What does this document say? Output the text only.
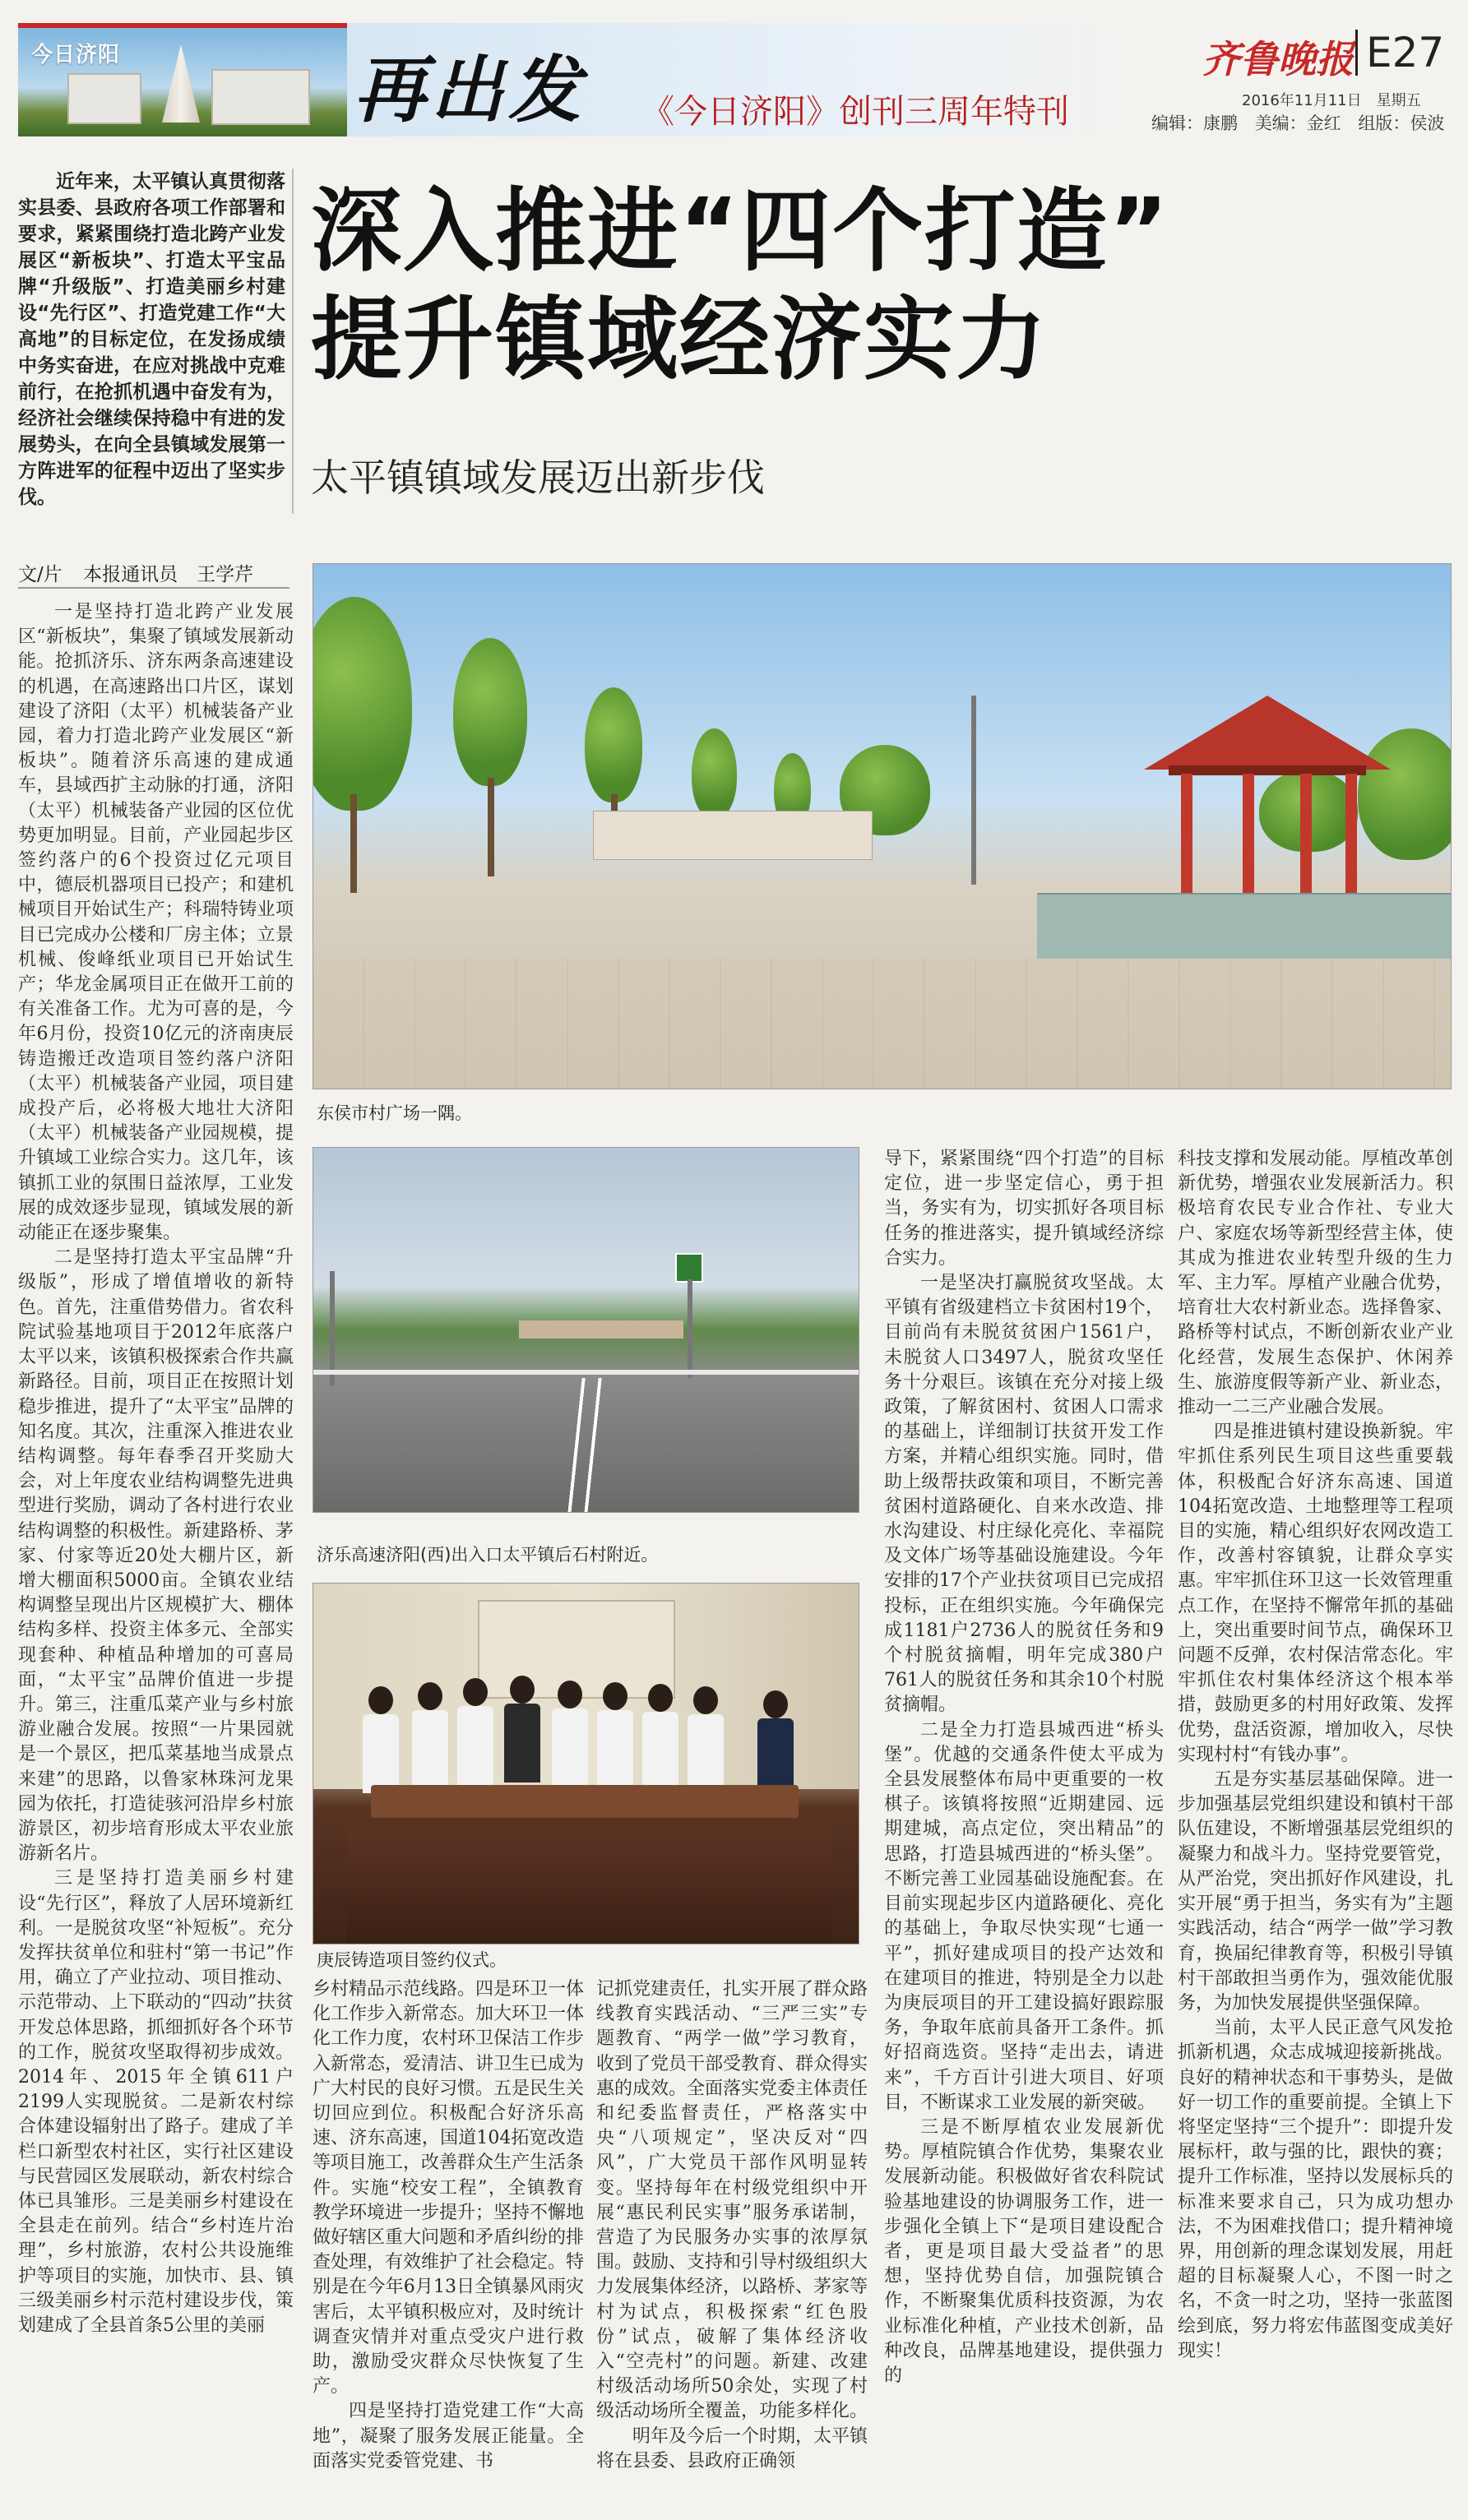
今日济阳	再出发 《今日济阳》创刊三周年特刊
齐鲁晚报 E27
2016年11月11日　星期五
编辑：康鹏 美编：金红 组版：侯波
近年来，太平镇认真贯彻落实县委、县政府各项工作部署和要求，紧紧围绕打造北跨产业发展区“新板块”、打造太平宝品牌“升级版”、打造美丽乡村建设“先行区”、打造党建工作“大高地”的目标定位，在发扬成绩中务实奋进，在应对挑战中克难前行，在抢抓机遇中奋发有为，经济社会继续保持稳中有进的发展势头，在向全县镇域发展第一方阵进军的征程中迈出了坚实步伐。
深入推进“四个打造”
提升镇域经济实力
太平镇镇域发展迈出新步伐
文/片 本报通讯员　王学芹
东侯市村广场一隅。
济乐高速济阳(西)出入口太平镇后石村附近。
庚辰铸造项目签约仪式。

一是坚持打造北跨产业发展区“新板块”，集聚了镇域发展新动能。抢抓济乐、济东两条高速建设的机遇，在高速路出口片区，谋划建设了济阳（太平）机械装备产业园，着力打造北跨产业发展区“新板块”。随着济乐高速的建成通车，县域西扩主动脉的打通，济阳（太平）机械装备产业园的区位优势更加明显。目前，产业园起步区签约落户的6个投资过亿元项目中，德辰机器项目已投产；和建机械项目开始试生产；科瑞特铸业项目已完成办公楼和厂房主体；立景机械、俊峰纸业项目已开始试生产；华龙金属项目正在做开工前的有关准备工作。尤为可喜的是，今年6月份，投资10亿元的济南庚辰铸造搬迁改造项目签约落户济阳（太平）机械装备产业园，项目建成投产后，必将极大地壮大济阳（太平）机械装备产业园规模，提升镇域工业综合实力。这几年，该镇抓工业的氛围日益浓厚，工业发展的成效逐步显现，镇域发展的新动能正在逐步聚集。

二是坚持打造太平宝品牌“升级版”，形成了增值增收的新特色。首先，注重借势借力。省农科院试验基地项目于2012年底落户太平以来，该镇积极探索合作共赢新路径。目前，项目正在按照计划稳步推进，提升了“太平宝”品牌的知名度。其次，注重深入推进农业结构调整。每年春季召开奖励大会，对上年度农业结构调整先进典型进行奖励，调动了各村进行农业结构调整的积极性。新建路桥、茅家、付家等近20处大棚片区，新增大棚面积5000亩。全镇农业结构调整呈现出片区规模扩大、棚体结构多样、投资主体多元、全部实现套种、种植品种增加的可喜局面，“太平宝”品牌价值进一步提升。第三，注重瓜菜产业与乡村旅游业融合发展。按照“一片果园就是一个景区，把瓜菜基地当成景点来建”的思路，以鲁家林珠河龙果园为依托，打造徒骇河沿岸乡村旅游景区，初步培育形成太平农业旅游新名片。

三是坚持打造美丽乡村建设“先行区”，释放了人居环境新红利。一是脱贫攻坚“补短板”。充分发挥扶贫单位和驻村“第一书记”作用，确立了产业拉动、项目推动、示范带动、上下联动的“四动”扶贫开发总体思路，抓细抓好各个环节的工作，脱贫攻坚取得初步成效。2014年、2015年全镇611户2199人实现脱贫。二是新农村综合体建设辐射出了路子。建成了羊栏口新型农村社区，实行社区建设与民营园区发展联动，新农村综合体已具雏形。三是美丽乡村建设在全县走在前列。结合“乡村连片治理”，乡村旅游，农村公共设施维护等项目的实施，加快市、县、镇三级美丽乡村示范村建设步伐，策划建成了全县首条5公里的美丽

乡村精品示范线路。四是环卫一体化工作步入新常态。加大环卫一体化工作力度，农村环卫保洁工作步入新常态，爱清洁、讲卫生已成为广大村民的良好习惯。五是民生关切回应到位。积极配合好济乐高速、济东高速，国道104拓宽改造等项目施工，改善群众生产生活条件。实施“校安工程”，全镇教育教学环境进一步提升；坚持不懈地做好辖区重大问题和矛盾纠纷的排查处理，有效维护了社会稳定。特别是在今年6月13日全镇暴风雨灾害后，太平镇积极应对，及时统计调查灾情并对重点受灾户进行救助，激励受灾群众尽快恢复了生产。

四是坚持打造党建工作“大高地”，凝聚了服务发展正能量。全面落实党委管党建、书

记抓党建责任，扎实开展了群众路线教育实践活动、“三严三实”专题教育、“两学一做”学习教育，收到了党员干部受教育、群众得实惠的成效。全面落实党委主体责任和纪委监督责任，严格落实中央“八项规定”，坚决反对“四风”，广大党员干部作风明显转变。坚持每年在村级党组织中开展“惠民利民实事”服务承诺制，营造了为民服务办实事的浓厚氛围。鼓励、支持和引导村级组织大力发展集体经济，以路桥、茅家等村为试点，积极探索“红色股份”试点，破解了集体经济收入“空壳村”的问题。新建、改建村级活动场所50余处，实现了村级活动场所全覆盖，功能多样化。

明年及今后一个时期，太平镇将在县委、县政府正确领

导下，紧紧围绕“四个打造”的目标定位，进一步坚定信心，勇于担当，务实有为，切实抓好各项目标任务的推进落实，提升镇域经济综合实力。

一是坚决打赢脱贫攻坚战。太平镇有省级建档立卡贫困村19个，目前尚有未脱贫贫困户1561户，未脱贫人口3497人，脱贫攻坚任务十分艰巨。该镇在充分对接上级政策，了解贫困村、贫困人口需求的基础上，详细制订扶贫开发工作方案，并精心组织实施。同时，借助上级帮扶政策和项目，不断完善贫困村道路硬化、自来水改造、排水沟建设、村庄绿化亮化、幸福院及文体广场等基础设施建设。今年安排的17个产业扶贫项目已完成招投标，正在组织实施。今年确保完成1181户2736人的脱贫任务和9个村脱贫摘帽，明年完成380户761人的脱贫任务和其余10个村脱贫摘帽。

二是全力打造县城西进“桥头堡”。优越的交通条件使太平成为全县发展整体布局中更重要的一枚棋子。该镇将按照“近期建园、远期建城，高点定位，突出精品”的思路，打造县城西进的“桥头堡”。不断完善工业园基础设施配套。在目前实现起步区内道路硬化、亮化的基础上，争取尽快实现“七通一平”，抓好建成项目的投产达效和在建项目的推进，特别是全力以赴为庚辰项目的开工建设搞好跟踪服务，争取年底前具备开工条件。抓好招商选资。坚持“走出去，请进来”，千方百计引进大项目、好项目，不断谋求工业发展的新突破。

三是不断厚植农业发展新优势。厚植院镇合作优势，集聚农业发展新动能。积极做好省农科院试验基地建设的协调服务工作，进一步强化全镇上下“是项目建设配合者，更是项目最大受益者”的思想，坚持优势自信，加强院镇合作，不断聚集优质科技资源，为农业标准化种植，产业技术创新，品种改良，品牌基地建设，提供强力的

科技支撑和发展动能。厚植改革创新优势，增强农业发展新活力。积极培育农民专业合作社、专业大户、家庭农场等新型经营主体，使其成为推进农业转型升级的生力军、主力军。厚植产业融合优势，培育壮大农村新业态。选择鲁家、路桥等村试点，不断创新农业产业化经营，发展生态保护、休闲养生、旅游度假等新产业、新业态，推动一二三产业融合发展。

四是推进镇村建设换新貌。牢牢抓住系列民生项目这些重要载体，积极配合好济东高速、国道104拓宽改造、土地整理等工程项目的实施，精心组织好农网改造工作，改善村容镇貌，让群众享实惠。牢牢抓住环卫这一长效管理重点工作，在坚持不懈常年抓的基础上，突出重要时间节点，确保环卫问题不反弹，农村保洁常态化。牢牢抓住农村集体经济这个根本举措，鼓励更多的村用好政策、发挥优势，盘活资源，增加收入，尽快实现村村“有钱办事”。

五是夯实基层基础保障。进一步加强基层党组织建设和镇村干部队伍建设，不断增强基层党组织的凝聚力和战斗力。坚持党要管党，从严治党，突出抓好作风建设，扎实开展“勇于担当，务实有为”主题实践活动，结合“两学一做”学习教育，换届纪律教育等，积极引导镇村干部敢担当勇作为，强效能优服务，为加快发展提供坚强保障。

当前，太平人民正意气风发抢抓新机遇，众志成城迎接新挑战。良好的精神状态和干事势头，是做好一切工作的重要前提。全镇上下将坚定坚持“三个提升”：即提升发展标杆，敢与强的比，跟快的赛；提升工作标准，坚持以发展标兵的标准来要求自己，只为成功想办法，不为困难找借口；提升精神境界，用创新的理念谋划发展，用赶超的目标凝聚人心，不图一时之名，不贪一时之功，坚持一张蓝图绘到底，努力将宏伟蓝图变成美好现实！
